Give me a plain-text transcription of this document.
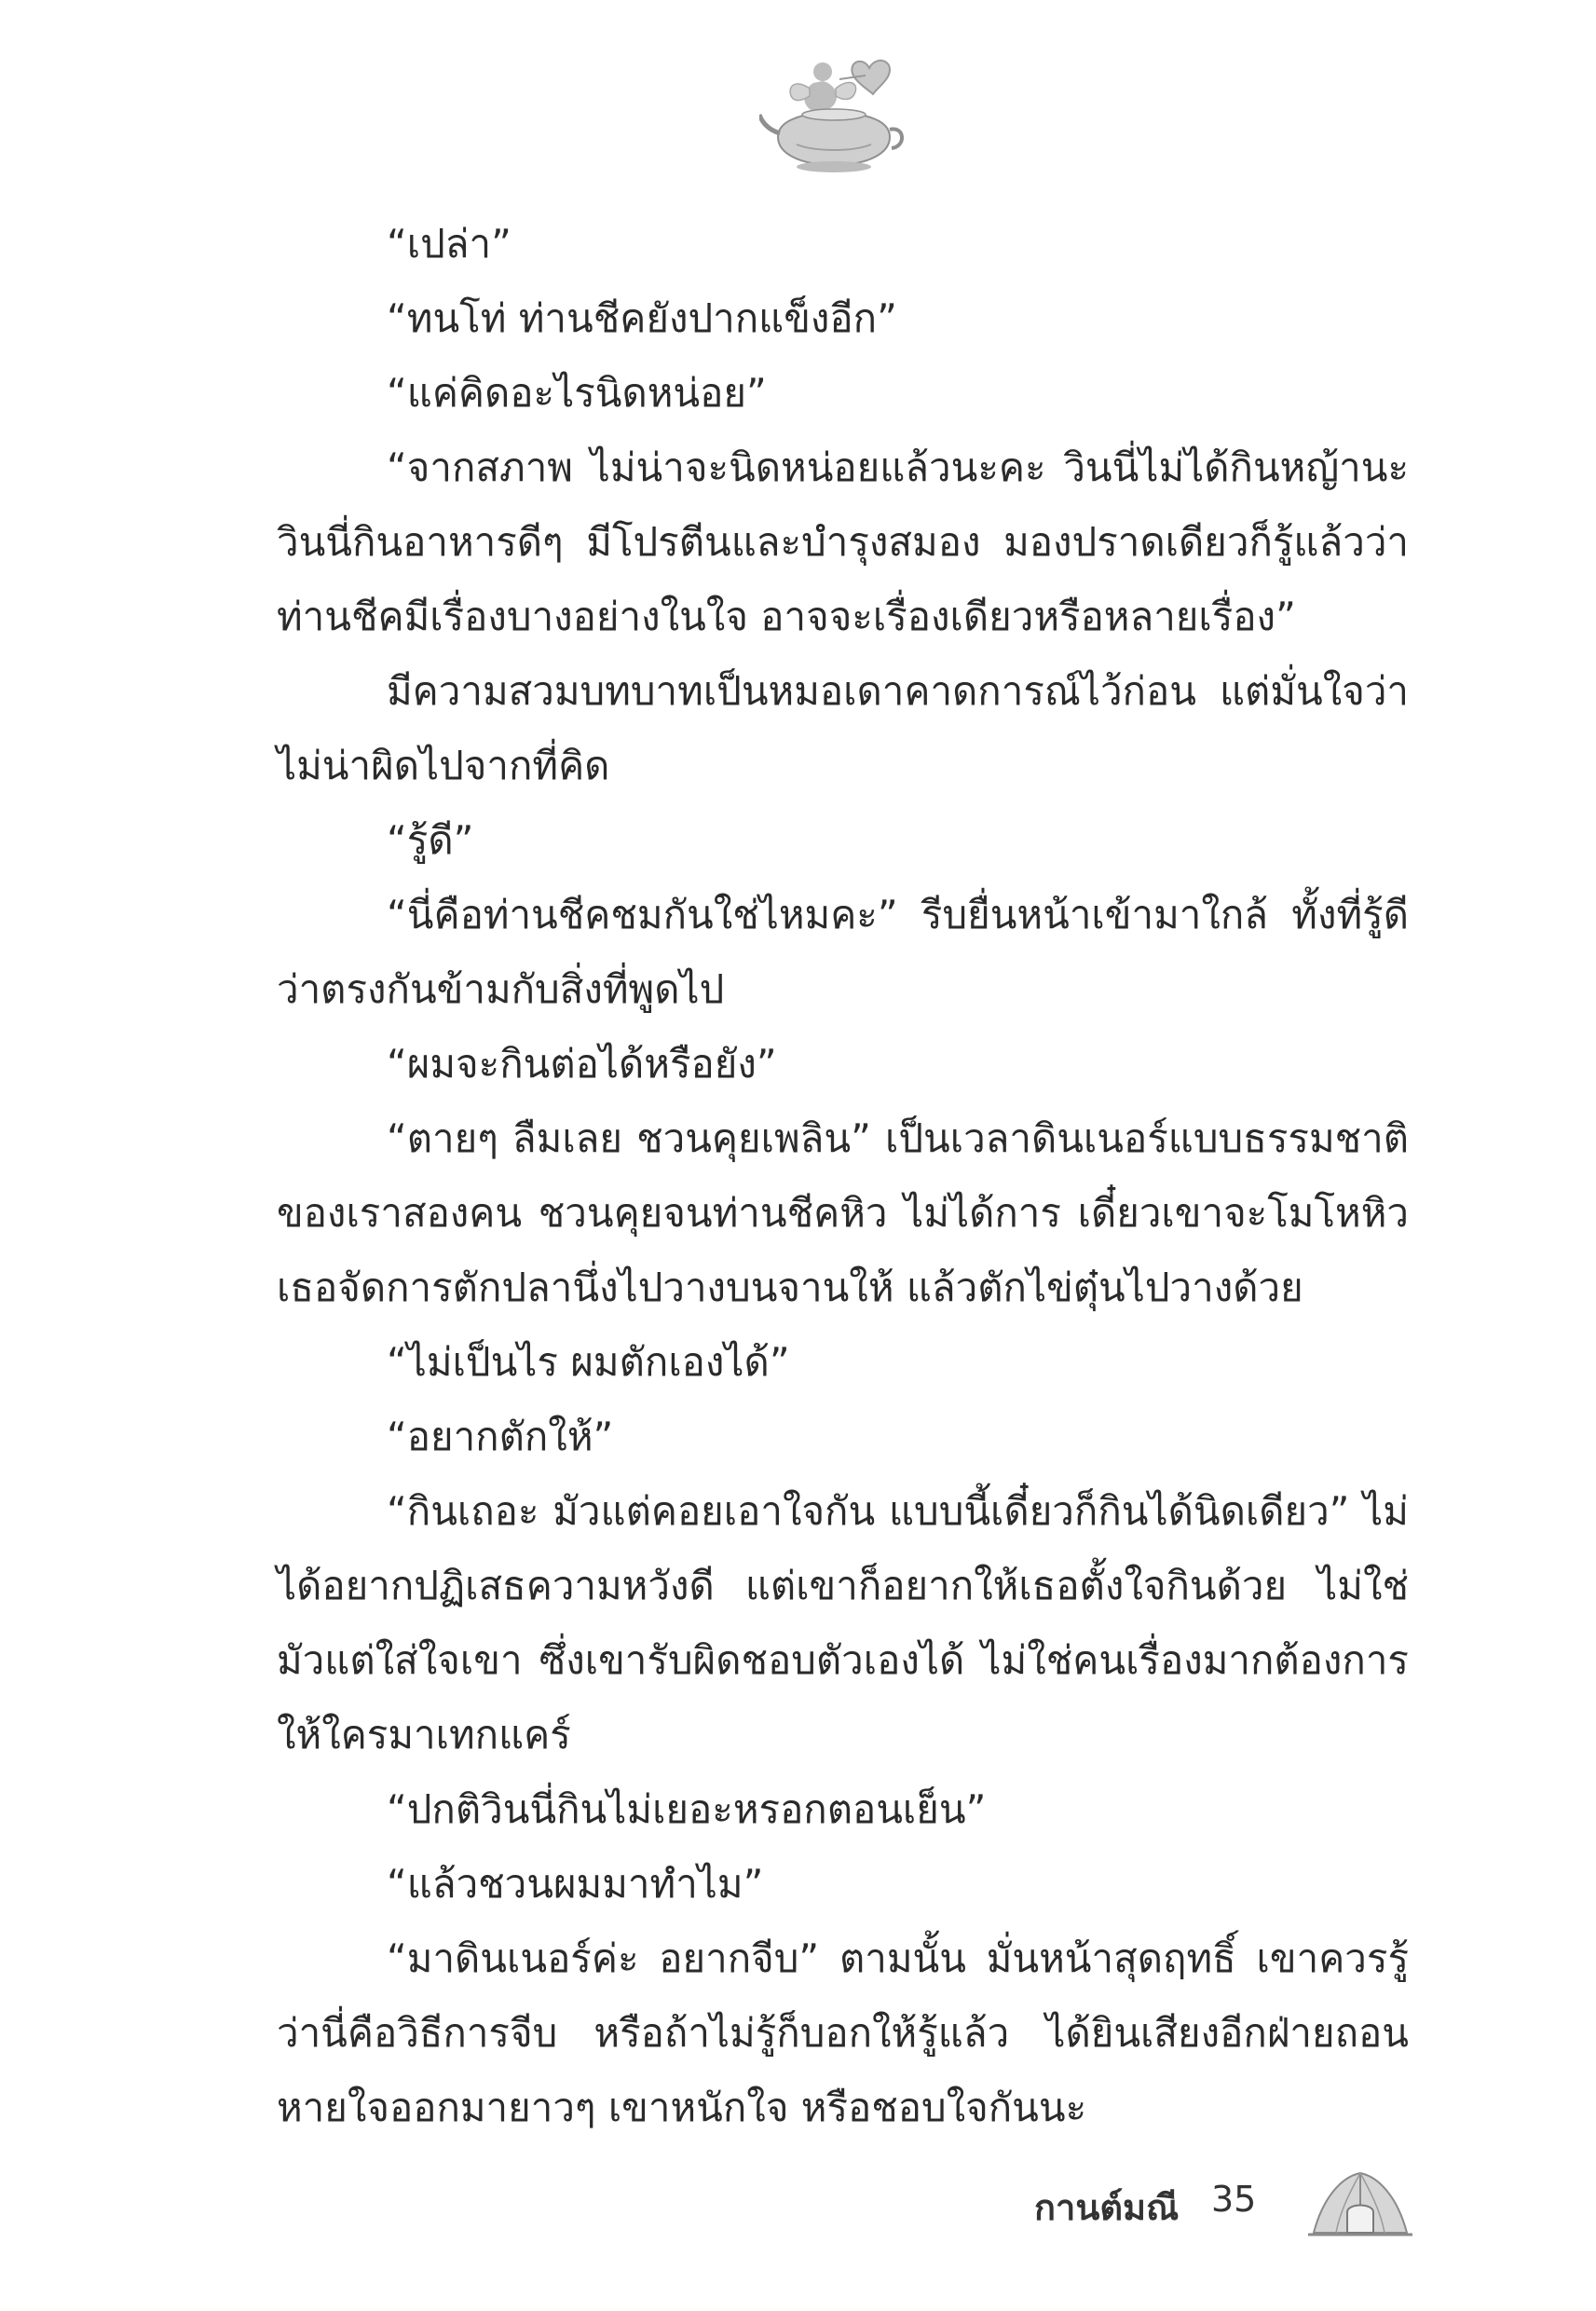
“เปล่า”

“ทนโท่ ท่านชีคยังปากแข็งอีก”

“แค่คิดอะไรนิดหน่อย”

“จากสภาพ ไม่น่าจะนิดหน่อยแล้วนะคะ วินนี่ไม่ได้กินหญ้านะ วินนี่กินอาหารดีๆ มีโปรตีนและบำรุงสมอง มองปราดเดียวก็รู้แล้วว่าท่านชีคมีเรื่องบางอย่างในใจ อาจจะเรื่องเดียวหรือหลายเรื่อง”

มีความสวมบทบาทเป็นหมอเดาคาดการณ์ไว้ก่อน แต่มั่นใจว่าไม่น่าผิดไปจากที่คิด

“รู้ดี”

“นี่คือท่านชีคชมกันใช่ไหมคะ” รีบยื่นหน้าเข้ามาใกล้ ทั้งที่รู้ดีว่าตรงกันข้ามกับสิ่งที่พูดไป

“ผมจะกินต่อได้หรือยัง”

“ตายๆ ลืมเลย ชวนคุยเพลิน” เป็นเวลาดินเนอร์แบบธรรมชาติของเราสองคน ชวนคุยจนท่านชีคหิว ไม่ได้การ เดี๋ยวเขาจะโมโหหิว เธอจัดการตักปลานึ่งไปวางบนจานให้ แล้วตักไข่ตุ๋นไปวางด้วย

“ไม่เป็นไร ผมตักเองได้”

“อยากตักให้”

“กินเถอะ มัวแต่คอยเอาใจกัน แบบนี้เดี๋ยวก็กินได้นิดเดียว” ไม่ได้อยากปฏิเสธความหวังดี แต่เขาก็อยากให้เธอตั้งใจกินด้วย ไม่ใช่มัวแต่ใส่ใจเขา ซึ่งเขารับผิดชอบตัวเองได้ ไม่ใช่คนเรื่องมากต้องการให้ใครมาเทกแคร์

“ปกติวินนี่กินไม่เยอะหรอกตอนเย็น”

“แล้วชวนผมมาทำไม”

“มาดินเนอร์ค่ะ อยากจีบ” ตามนั้น มั่นหน้าสุดฤทธิ์ เขาควรรู้ว่านี่คือวิธีการจีบ หรือถ้าไม่รู้ก็บอกให้รู้แล้ว ได้ยินเสียงอีกฝ่ายถอนหายใจออกมายาวๆ เขาหนักใจ หรือชอบใจกันนะ

กานต์มณี 35
